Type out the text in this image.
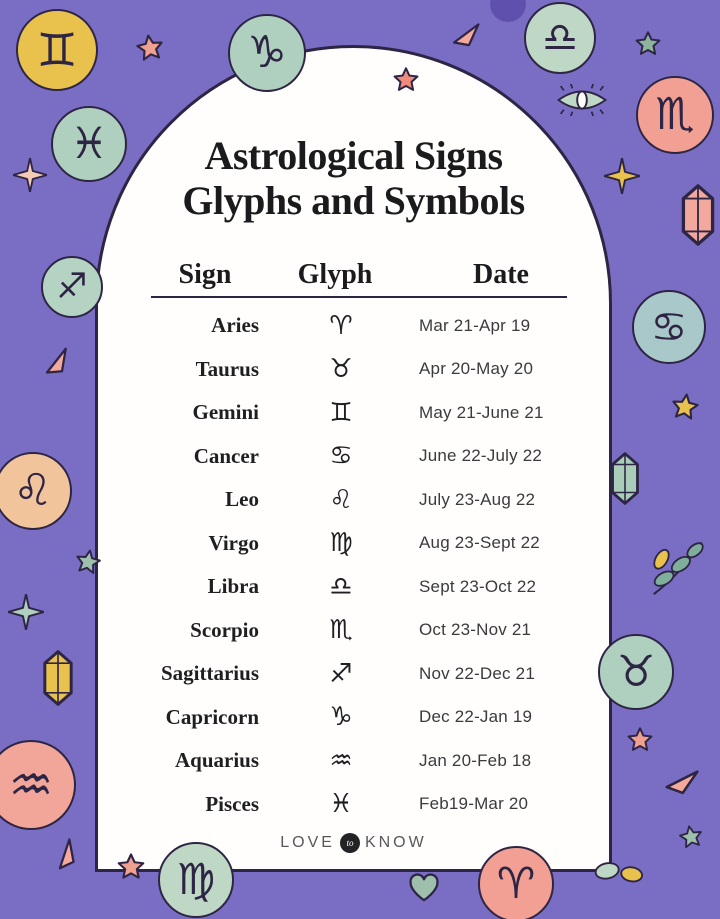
Astrological Signs
Glyphs and Symbols
Sign	Glyph	Date
Aries	♈	Mar 21-Apr 19
Taurus	♉	Apr 20-May 20
Gemini	♊	May 21-June 21
Cancer	♋	June 22-July 22
Leo	♌	July 23-Aug 22
Virgo	♍	Aug 23-Sept 22
Libra	♎	Sept 23-Oct 22
Scorpio	♏	Oct 23-Nov 21
Sagittarius	♐	Nov 22-Dec 21
Capricorn	♑	Dec 22-Jan 19
Aquarius	♒	Jan 20-Feb 18
Pisces	♓	Feb19-Mar 20
LOVE to KNOW
♊
♓
♐
♌
♒
♍	♈
♎
♏
♋
♉
♑
